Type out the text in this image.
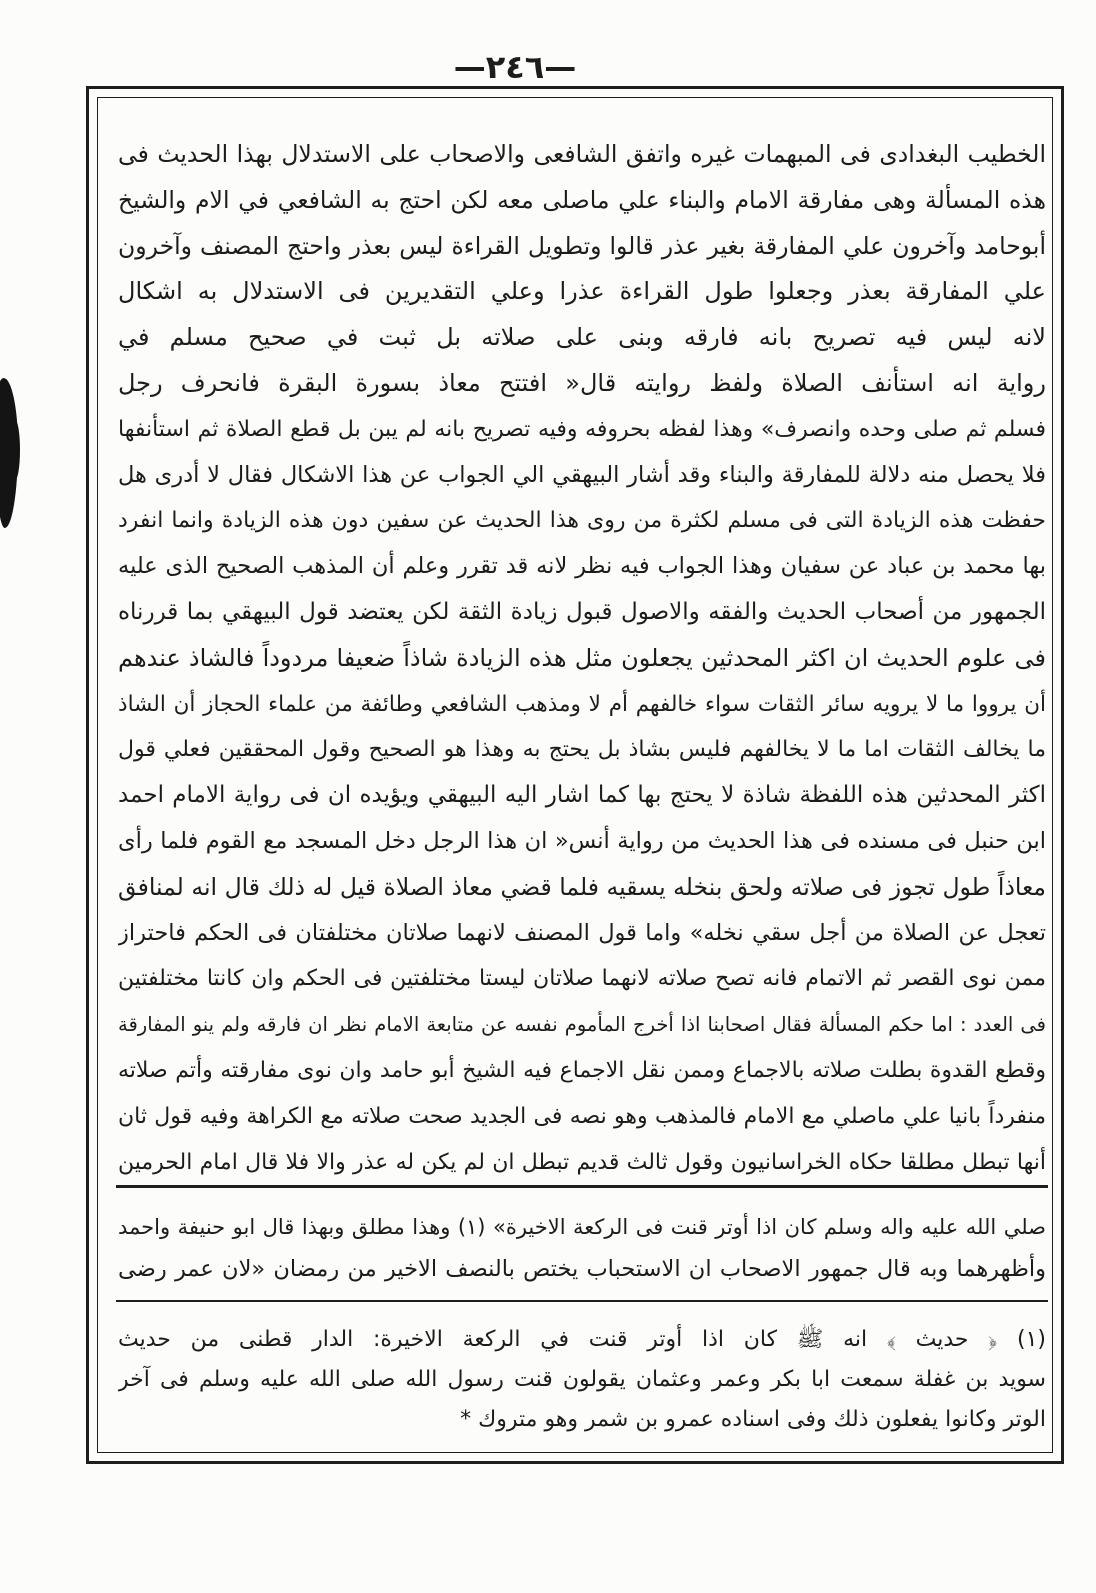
—٢٤٦—
الخطيب البغدادى فى المبهمات غيره واتفق الشافعى والاصحاب على الاستدلال بهذا الحديث فى
هذه المسألة وهى مفارقة الامام والبناء علي ماصلى معه لكن احتج به الشافعي في الام والشيخ
أبوحامد وآخرون علي المفارقة بغير عذر قالوا وتطويل القراءة ليس بعذر واحتج المصنف وآخرون
علي المفارقة بعذر وجعلوا طول القراءة عذرا وعلي التقديرين فى الاستدلال به اشكال
لانه ليس فيه تصريح بانه فارقه وبنى على صلاته بل ثبت في صحيح مسلم في
رواية انه استأنف الصلاة ولفظ روايته قال« افتتح معاذ بسورة البقرة فانحرف رجل
فسلم ثم صلى وحده وانصرف» وهذا لفظه بحروفه وفيه تصريح بانه لم يبن بل قطع الصلاة ثم استأنفها
فلا يحصل منه دلالة للمفارقة والبناء وقد أشار البيهقي الي الجواب عن هذا الاشكال فقال لا أدرى هل
حفظت هذه الزيادة التى فى مسلم لكثرة من روى هذا الحديث عن سفين دون هذه الزيادة وانما انفرد
بها محمد بن عباد عن سفيان وهذا الجواب فيه نظر لانه قد تقرر وعلم أن المذهب الصحيح الذى عليه
الجمهور من أصحاب الحديث والفقه والاصول قبول زيادة الثقة لكن يعتضد قول البيهقي بما قررناه
فى علوم الحديث ان اكثر المحدثين يجعلون مثل هذه الزيادة شاذاً ضعيفا مردوداً فالشاذ عندهم
أن يرووا ما لا يرويه سائر الثقات سواء خالفهم أم لا ومذهب الشافعي وطائفة من علماء الحجاز أن الشاذ
ما يخالف الثقات اما ما لا يخالفهم فليس بشاذ بل يحتج به وهذا هو الصحيح وقول المحققين فعلي قول
اكثر المحدثين هذه اللفظة شاذة لا يحتج بها كما اشار اليه البيهقي ويؤيده ان فى رواية الامام احمد
ابن حنبل فى مسنده فى هذا الحديث من رواية أنس« ان هذا الرجل دخل المسجد مع القوم فلما رأى
معاذاً طول تجوز فى صلاته ولحق بنخله يسقيه فلما قضي معاذ الصلاة قيل له ذلك قال انه لمنافق
تعجل عن الصلاة من أجل سقي نخله» واما قول المصنف لانهما صلاتان مختلفتان فى الحكم فاحتراز
ممن نوى القصر ثم الاتمام فانه تصح صلاته لانهما صلاتان ليستا مختلفتين فى الحكم وان كانتا مختلفتين
فى العدد : اما حكم المسألة فقال اصحابنا اذا أخرج المأموم نفسه عن متابعة الامام نظر ان فارقه ولم ينو المفارقة
وقطع القدوة بطلت صلاته بالاجماع وممن نقل الاجماع فيه الشيخ أبو حامد وان نوى مفارقته وأتم صلاته
منفرداً بانيا علي ماصلي مع الامام فالمذهب وهو نصه فى الجديد صحت صلاته مع الكراهة وفيه قول ثان
أنها تبطل مطلقا حكاه الخراسانيون وقول ثالث قديم تبطل ان لم يكن له عذر والا فلا قال امام الحرمين
صلي الله عليه واله وسلم كان اذا أوتر قنت فى الركعة الاخيرة» (١) وهذا مطلق وبهذا قال ابو حنيفة واحمد
وأظهرهما وبه قال جمهور الاصحاب ان الاستحباب يختص بالنصف الاخير من رمضان «لان عمر رضى
(١) ﴿ حديث ﴾ انه ﷺ كان اذا أوتر قنت في الركعة الاخيرة: الدار قطنى من حديث
سويد بن غفلة سمعت ابا بكر وعمر وعثمان يقولون قنت رسول الله صلى الله عليه وسلم فى آخر
الوتر وكانوا يفعلون ذلك وفى اسناده عمرو بن شمر وهو متروك *
